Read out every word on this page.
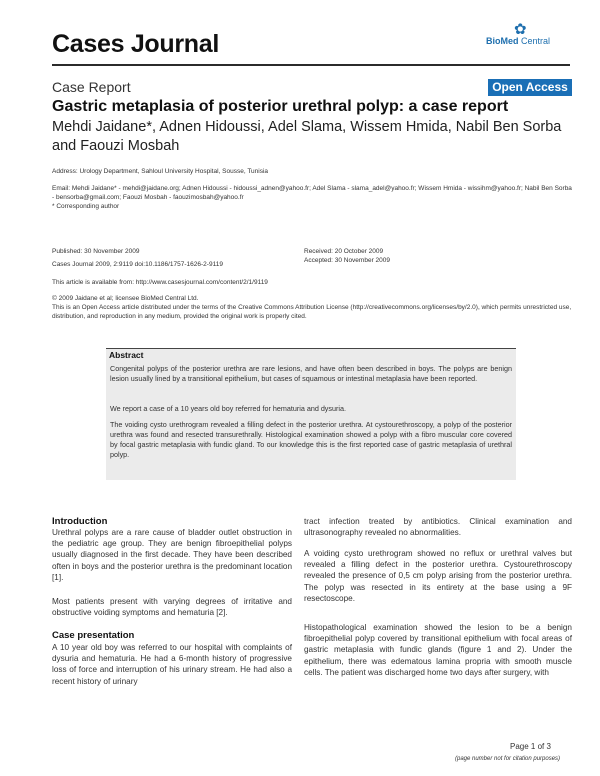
Cases Journal
✿
BioMed Central
Case Report	Open Access
Gastric metaplasia of posterior urethral polyp: a case report
Mehdi Jaidane*, Adnen Hidoussi, Adel Slama, Wissem Hmida, Nabil Ben Sorba and Faouzi Mosbah
Address: Urology Department, Sahloul University Hospital, Sousse, Tunisia
Email: Mehdi Jaidane* - mehdi@jaidane.org; Adnen Hidoussi - hidoussi_adnen@yahoo.fr; Adel Slama - slama_adel@yahoo.fr; Wissem Hmida - wissihm@yahoo.fr; Nabil Ben Sorba - bensorba@gmail.com; Faouzi Mosbah - faouzimosbah@yahoo.fr
* Corresponding author
Published: 30 November 2009
Cases Journal 2009, 2:9119 doi:10.1186/1757-1626-2-9119
Received: 20 October 2009
Accepted: 30 November 2009
This article is available from: http://www.casesjournal.com/content/2/1/9119
© 2009 Jaidane et al; licensee BioMed Central Ltd.
This is an Open Access article distributed under the terms of the Creative Commons Attribution License (http://creativecommons.org/licenses/by/2.0), which permits unrestricted use, distribution, and reproduction in any medium, provided the original work is properly cited.
Abstract
Congenital polyps of the posterior urethra are rare lesions, and have often been described in boys. The polyps are benign lesion usually lined by a transitional epithelium, but cases of squamous or intestinal metaplasia have been reported.
We report a case of a 10 years old boy referred for hematuria and dysuria.
The voiding cysto urethrogram revealed a filling defect in the posterior urethra. At cystourethroscopy, a polyp of the posterior urethra was found and resected transurethrally. Histological examination showed a polyp with a fibro muscular core covered by focal gastric metaplasia with fundic gland. To our knowledge this is the first reported case of gastric metaplasia of urethral polyp.
Introduction
Urethral polyps are a rare cause of bladder outlet obstruction in the pediatric age group. They are benign fibroepithelial polyps usually diagnosed in the first decade. They have been described often in boys and the posterior urethra is the predominant location [1].
Most patients present with varying degrees of irritative and obstructive voiding symptoms and hematuria [2].
Case presentation
A 10 year old boy was referred to our hospital with complaints of dysuria and hematuria. He had a 6-month history of progressive loss of force and interruption of his urinary stream. He had also a recent history of urinary
tract infection treated by antibiotics. Clinical examination and ultrasonography revealed no abnormalities.
A voiding cysto urethrogram showed no reflux or urethral valves but revealed a filling defect in the posterior urethra. Cystourethroscopy revealed the presence of 0,5 cm polyp arising from the posterior urethra. The polyp was resected in its entirety at the base using a 9F resectoscope.
Histopathological examination showed the lesion to be a benign fibroepithelial polyp covered by transitional epithelium with focal areas of gastric metaplasia with fundic glands (figure 1 and 2). Under the epithelium, there was edematous lamina propria with smooth muscle cells. The patient was discharged home two days after surgery, with
Page 1 of 3
(page number not for citation purposes)
